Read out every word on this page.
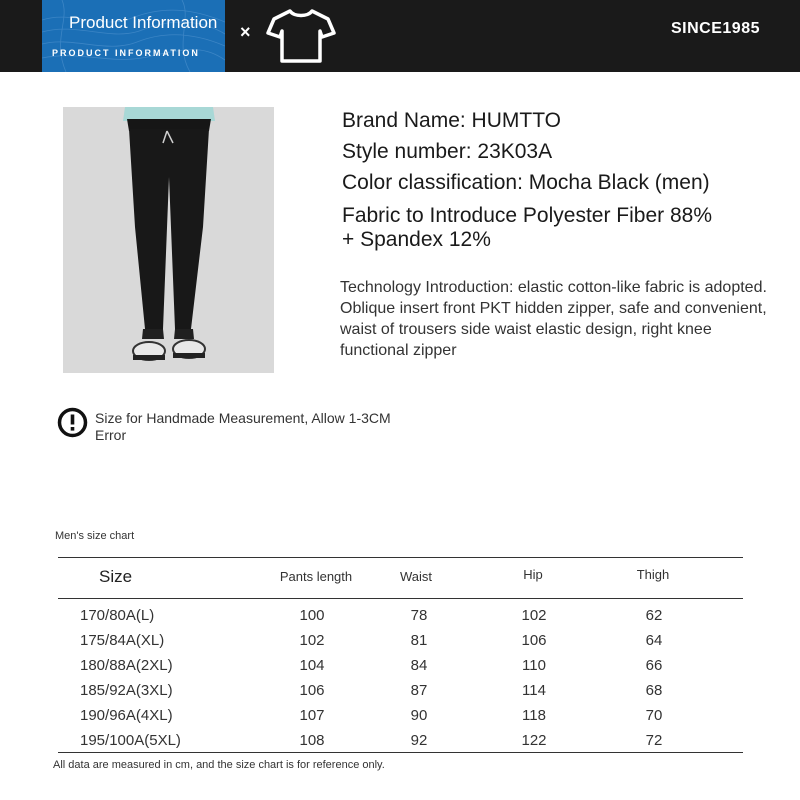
Product Information
PRODUCT INFORMATION
×	SINCE1985
Brand Name: HUMTTO
Style number: 23K03A
Color classification: Mocha Black (men)
Fabric to Introduce Polyester Fiber 88%
+ Spandex 12%
Technology Introduction: elastic cotton-like fabric is adopted. Oblique insert front PKT hidden zipper, safe and convenient, waist of trousers side waist elastic design, right knee functional zipper
Size for Handmade Measurement, Allow 1-3CM
Error
Men's size chart
Size	Pants length	Waist	Hip	Thigh
170/80A(L)	100	78	102	62
175/84A(XL)	102	81	106	64
180/88A(2XL)	104	84	110	66
185/92A(3XL)	106	87	114	68
190/96A(4XL)	107	90	118	70
195/100A(5XL)	108	92	122	72
All data are measured in cm, and the size chart is for reference only.
